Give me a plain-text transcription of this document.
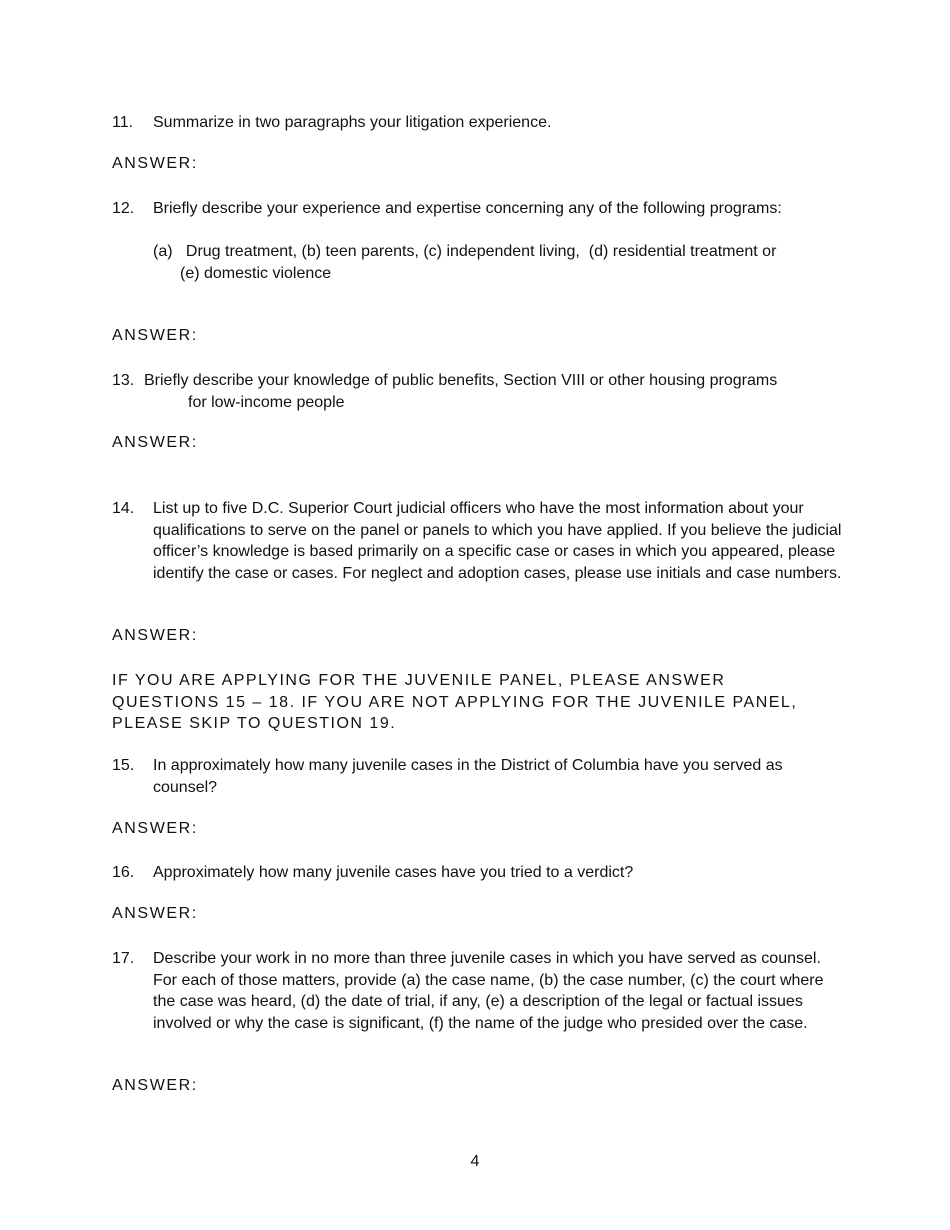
11.	Summarize in two paragraphs your litigation experience.
ANSWER:
12.	Briefly describe your experience and expertise concerning any of the following programs:
(a)   Drug treatment, (b) teen parents, (c) independent living,  (d) residential treatment or
(e) domestic violence
ANSWER:
13. Briefly describe your knowledge of public benefits, Section VIII or other housing programs
for low-income people
ANSWER:
14.	List up to five D.C. Superior Court judicial officers who have the most information about your qualifications to serve on the panel or panels to which you have applied. If you believe the judicial officer’s knowledge is based primarily on a specific case or cases in which you appeared, please identify the case or cases. For neglect and adoption cases, please use initials and case numbers.
ANSWER:
IF YOU ARE APPLYING FOR THE JUVENILE PANEL, PLEASE ANSWER QUESTIONS 15 – 18. IF YOU ARE NOT APPLYING FOR THE JUVENILE PANEL, PLEASE SKIP TO QUESTION 19.
15.	In approximately how many juvenile cases in the District of Columbia have you served as counsel?
ANSWER:
16.	Approximately how many juvenile cases have you tried to a verdict?
ANSWER:
17.	Describe your work in no more than three juvenile cases in which you have served as counsel. For each of those matters, provide (a) the case name, (b) the case number, (c) the court where the case was heard, (d) the date of trial, if any, (e) a description of the legal or factual issues involved or why the case is significant, (f) the name of the judge who presided over the case.
ANSWER:
4
